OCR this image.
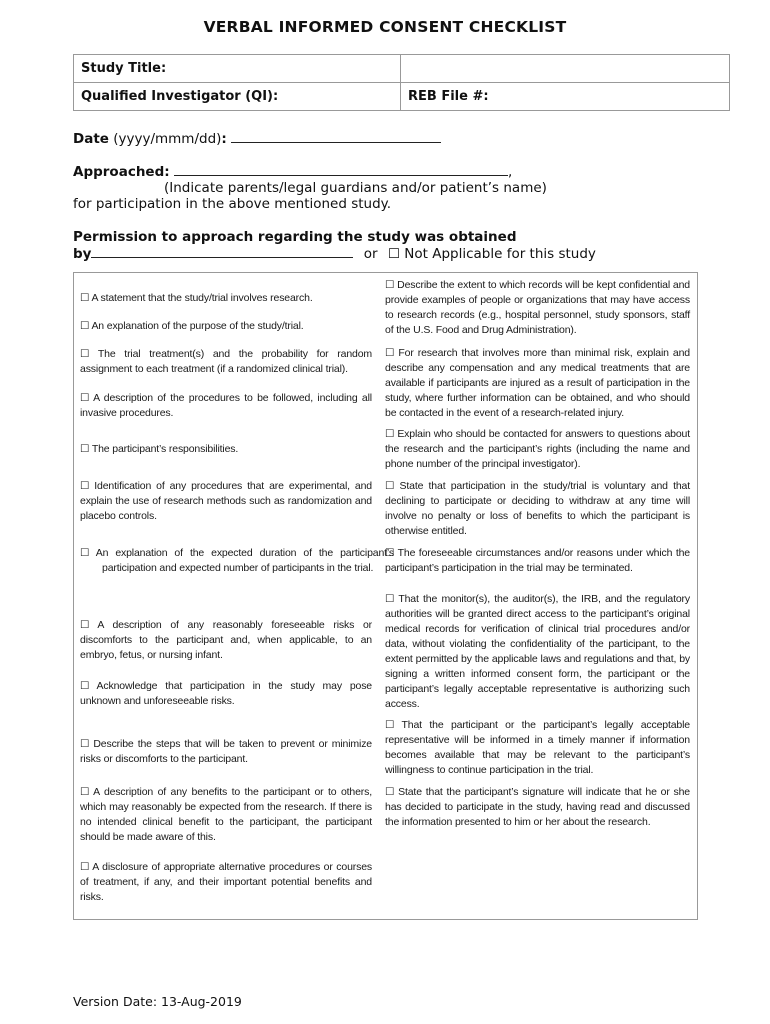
VERBAL INFORMED CONSENT CHECKLIST
Study Title:	
Qualified Investigator (QI):	REB File #:
Date (yyyy/mmm/dd):
Approached:	,
(Indicate parents/legal guardians and/or patient’s name)
for participation in the above mentioned study.
Permission to approach regarding the study was obtained
by	or ☐ Not Applicable for this study
☐ A statement that the study/trial involves research.
☐ An explanation of the purpose of the study/trial.
☐ The trial treatment(s) and the probability for random assignment to each treatment (if a randomized clinical trial).
☐ A description of the procedures to be followed, including all invasive procedures.
☐ The participant’s responsibilities.
☐ Identification of any procedures that are experimental, and explain the use of research methods such as randomization and placebo controls.
☐ An explanation of the expected duration of the participant’s participation and expected number of participants in the trial.
☐ A description of any reasonably foreseeable risks or discomforts to the participant and, when applicable, to an embryo, fetus, or nursing infant.
☐ Acknowledge that participation in the study may pose unknown and unforeseeable risks.
☐ Describe the steps that will be taken to prevent or minimize risks or discomforts to the participant.
☐ A description of any benefits to the participant or to others, which may reasonably be expected from the research. If there is no intended clinical benefit to the participant, the participant should be made aware of this.
☐ A disclosure of appropriate alternative procedures or courses of treatment, if any, and their important potential benefits and risks.
☐ Describe the extent to which records will be kept confidential and provide examples of people or organizations that may have access to research records (e.g., hospital personnel, study sponsors, staff of the U.S. Food and Drug Administration).
☐ For research that involves more than minimal risk, explain and describe any compensation and any medical treatments that are available if participants are injured as a result of participation in the study, where further information can be obtained, and who should be contacted in the event of a research-related injury.
☐ Explain who should be contacted for answers to questions about the research and the participant’s rights (including the name and phone number of the principal investigator).
☐ State that participation in the study/trial is voluntary and that declining to participate or deciding to withdraw at any time will involve no penalty or loss of benefits to which the participant is otherwise entitled.
☐ The foreseeable circumstances and/or reasons under which the participant’s participation in the trial may be terminated.
☐ That the monitor(s), the auditor(s), the IRB, and the regulatory authorities will be granted direct access to the participant’s original medical records for verification of clinical trial procedures and/or data, without violating the confidentiality of the participant, to the extent permitted by the applicable laws and regulations and that, by signing a written informed consent form, the participant or the participant’s legally acceptable representative is authorizing such access.
☐ That the participant or the participant’s legally acceptable representative will be informed in a timely manner if information becomes available that may be relevant to the participant’s willingness to continue participation in the trial.
☐ State that the participant’s signature will indicate that he or she has decided to participate in the study, having read and discussed the information presented to him or her about the research.
Version Date: 13-Aug-2019
